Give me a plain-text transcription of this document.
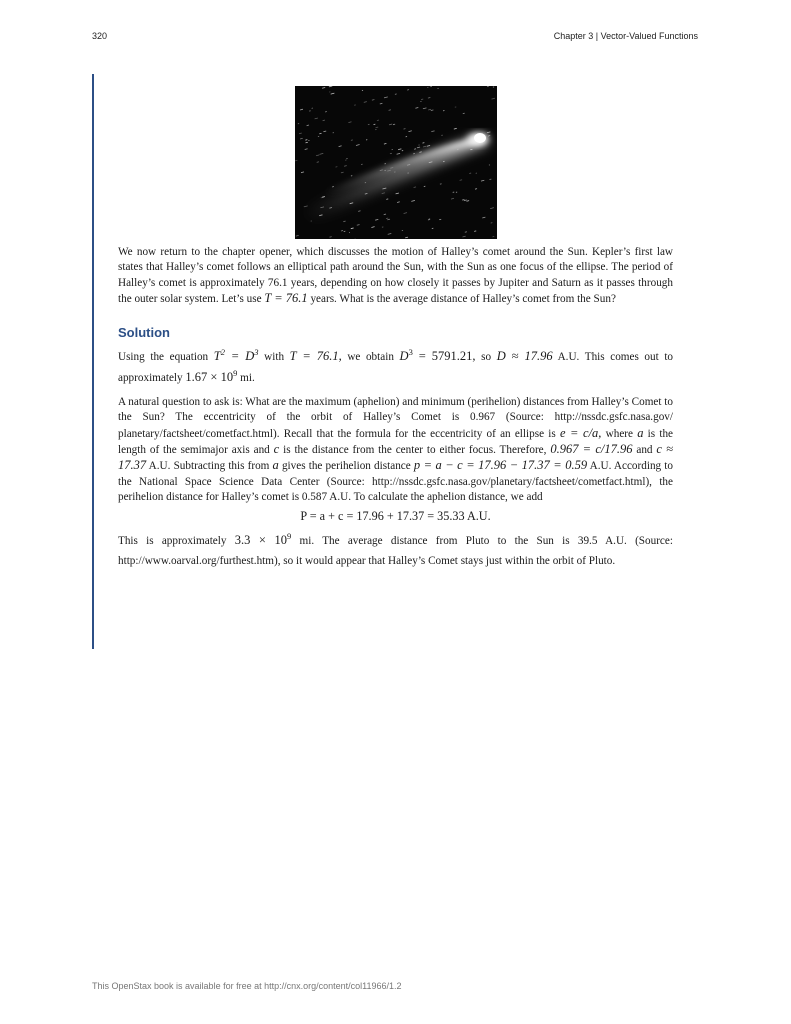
320	Chapter 3 | Vector-Valued Functions

We now return to the chapter opener, which discusses the motion of Halley’s comet around the Sun. Kepler’s first law states that Halley’s comet follows an elliptical path around the Sun, with the Sun as one focus of the ellipse. The period of Halley’s comet is approximately 76.1 years, depending on how closely it passes by Jupiter and Saturn as it passes through the outer solar system. Let’s use T = 76.1 years. What is the average distance of Halley’s comet from the Sun?

Solution

Using the equation $T^2 = D^3$ with T = 76.1, we obtain $D^3 = 5791.21$, so D ≈ 17.96 A.U. This comes out to approximately $1.67 \times 10^9$ mi.

A natural question to ask is: What are the maximum (aphelion) and minimum (perihelion) distances from Halley’s Comet to the Sun? The eccentricity of the orbit of Halley’s Comet is 0.967 (Source: http://nssdc.gsfc.nasa.gov/ planetary/factsheet/cometfact.html). Recall that the formula for the eccentricity of an ellipse is e = c/a, where a is the length of the semimajor axis and c is the distance from the center to either focus. Therefore, 0.967 = c/17.96 and c ≈ 17.37 A.U. Subtracting this from a gives the perihelion distance p = a − c = 17.96 − 17.37 = 0.59 A.U. According to the National Space Science Data Center (Source: http://nssdc.gsfc.nasa.gov/planetary/factsheet/cometfact.html), the perihelion distance for Halley’s comet is 0.587 A.U. To calculate the aphelion distance, we add

P = a + c = 17.96 + 17.37 = 35.33 A.U.

This is approximately $3.3 \times 10^9$ mi. The average distance from Pluto to the Sun is 39.5 A.U. (Source: http://www.oarval.org/furthest.htm), so it would appear that Halley’s Comet stays just within the orbit of Pluto.

This OpenStax book is available for free at http://cnx.org/content/col11966/1.2
